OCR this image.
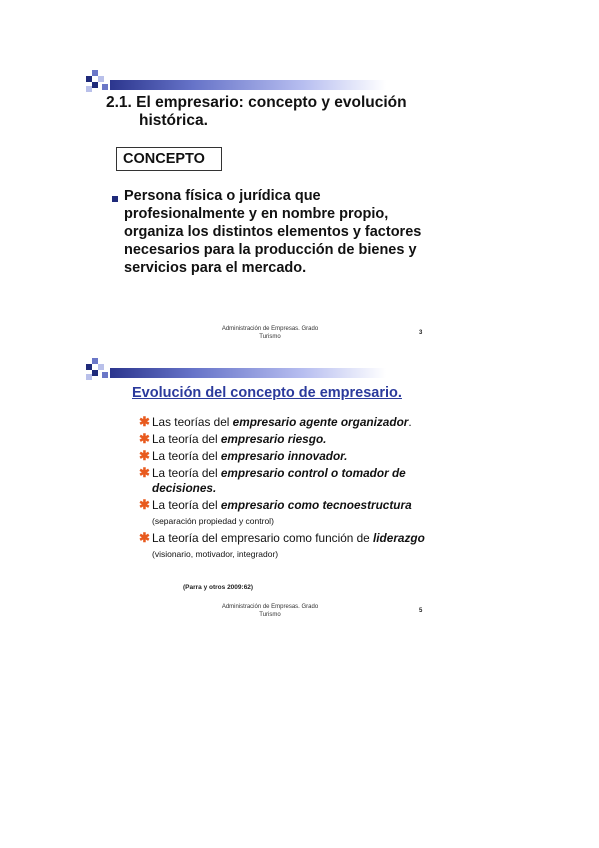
2.1. El empresario: concepto y evolución
histórica.
CONCEPTO
Persona física o jurídica que profesionalmente y en nombre propio, organiza los distintos elementos y factores necesarios para la producción de bienes y servicios para el mercado.
Administración de Empresas. Grado
Turismo
3
Evolución del concepto de empresario.
✱ Las teorías del empresario agente organizador.
✱ La teoría del empresario riesgo.
✱ La teoría del empresario innovador.
✱ La teoría del empresario control o tomador de decisiones.
✱ La teoría del empresario como tecnoestructura (separación propiedad y control)
✱ La teoría del empresario como función de liderazgo (visionario, motivador, integrador)
(Parra y otros 2009:62)
Administración de Empresas. Grado
Turismo
5
